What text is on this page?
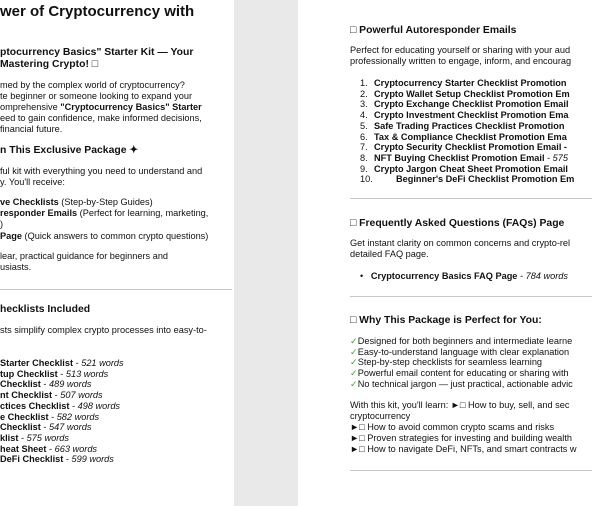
wer of Cryptocurrency with
ptocurrency Basics" Starter Kit — Your
Mastering Crypto! □
med by the complex world of cryptocurrency?
te beginner or someone looking to expand your
omprehensive "Cryptocurrency Basics" Starter
eed to gain confidence, make informed decisions,
financial future.
n This Exclusive Package ✦
ful kit with everything you need to understand and
y. You'll receive:
ve Checklists (Step-by-Step Guides)
responder Emails (Perfect for learning, marketing,
)
Page (Quick answers to common crypto questions)
lear, practical guidance for beginners and
usiasts.
hecklists Included
sts simplify complex crypto processes into easy-to-
Starter Checklist - 521 words
tup Checklist - 513 words
Checklist - 489 words
nt Checklist - 507 words
ctices Checklist - 498 words
e Checklist - 582 words
Checklist - 547 words
klist - 575 words
heat Sheet - 663 words
DeFi Checklist - 599 words
□ Powerful Autoresponder Emails
Perfect for educating yourself or sharing with your aud
professionally written to engage, inform, and encourag
1. Cryptocurrency Starter Checklist Promotion
2. Crypto Wallet Setup Checklist Promotion Em
3. Crypto Exchange Checklist Promotion Email
4. Crypto Investment Checklist Promotion Ema
5. Safe Trading Practices Checklist Promotion
6. Tax & Compliance Checklist Promotion Ema
7. Crypto Security Checklist Promotion Email -
8. NFT Buying Checklist Promotion Email - 575
9. Crypto Jargon Cheat Sheet Promotion Email
10.	Beginner's DeFi Checklist Promotion Em
□ Frequently Asked Questions (FAQs) Page
Get instant clarity on common concerns and crypto-rel
detailed FAQ page.
•   Cryptocurrency Basics FAQ Page - 784 words
□ Why This Package is Perfect for You:
✓Designed for both beginners and intermediate learne
✓Easy-to-understand language with clear explanation
✓Step-by-step checklists for seamless learning
✓Powerful email content for educating or sharing with
✓No technical jargon — just practical, actionable advic
With this kit, you'll learn: ►□ How to buy, sell, and sec
cryptocurrency
►□ How to avoid common crypto scams and risks
►□ Proven strategies for investing and building wealth
►□ How to navigate DeFi, NFTs, and smart contracts w
